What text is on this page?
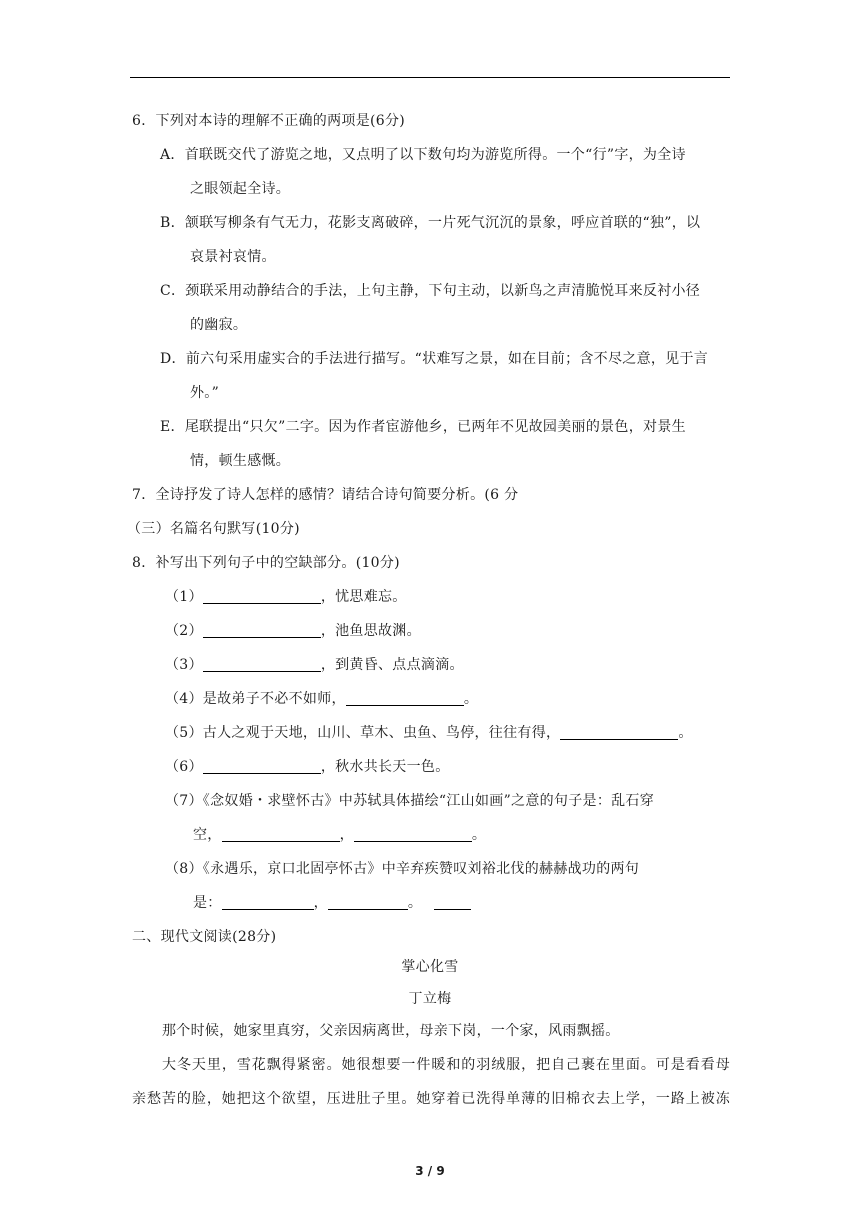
6．下列对本诗的理解不正确的两项是(6分)
A．首联既交代了游览之地，又点明了以下数句均为游览所得。一个“行”字，为全诗
之眼领起全诗。
B．颔联写柳条有气无力，花影支离破碎，一片死气沉沉的景象，呼应首联的“独”，以
哀景衬哀情。
C．颈联采用动静结合的手法，上句主静，下句主动，以新鸟之声清脆悦耳来反衬小径
的幽寂。
D．前六句采用虚实合的手法进行描写。“状难写之景，如在目前；含不尽之意，见于言
外。”
E．尾联提出“只欠”二字。因为作者宦游他乡，已两年不见故园美丽的景色，对景生
情，顿生感慨。
7．全诗抒发了诗人怎样的感情？请结合诗句简要分析。(6 分
（三）名篇名句默写(10分)
8．补写出下列句子中的空缺部分。(10分)
（1）	，忧思难忘。
（2）	，池鱼思故渊。
（3）	，到黄昏、点点滴滴。
（4）是故弟子不必不如师，	。
（5）古人之观于天地，山川、草木、虫鱼、鸟停，往往有得，	。
（6）	，秋水共长天一色。
（7）《念奴婚・求壁怀古》中苏轼具体描绘“江山如画”之意的句子是：乱石穿
空，	，	。
（8）《永遇乐，京口北固亭怀古》中辛弃疾赞叹刘裕北伐的赫赫战功的两句
是：	，	。
二、现代文阅读(28分)
掌心化雪
丁立梅
那个时候，她家里真穷，父亲因病离世，母亲下岗，一个家，风雨飘摇。
大冬天里，雪花飘得紧密。她很想要一件暖和的羽绒服，把自己裹在里面。可是看看母
亲愁苦的脸，她把这个欲望，压进肚子里。她穿着已洗得单薄的旧棉衣去上学，一路上被冻
3 / 9
